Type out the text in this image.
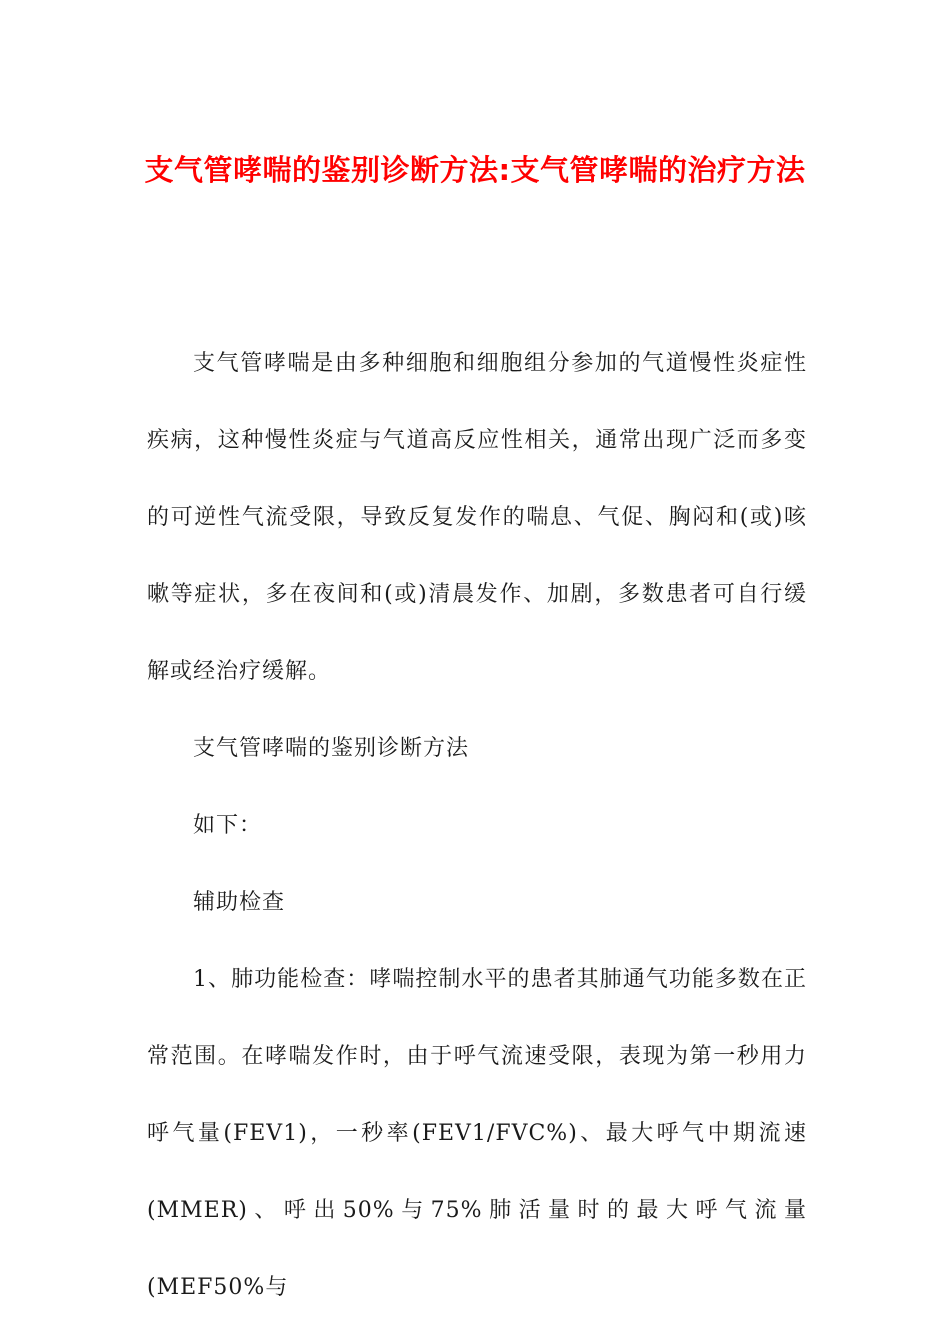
支气管哮喘的鉴别诊断方法:支气管哮喘的治疗方法

支气管哮喘是由多种细胞和细胞组分参加的气道慢性炎症性疾病，这种慢性炎症与气道高反应性相关，通常出现广泛而多变的可逆性气流受限，导致反复发作的喘息、气促、胸闷和(或)咳嗽等症状，多在夜间和(或)清晨发作、加剧，多数患者可自行缓解或经治疗缓解。

支气管哮喘的鉴别诊断方法

如下：

辅助检查

1、肺功能检查：哮喘控制水平的患者其肺通气功能多数在正常范围。在哮喘发作时，由于呼气流速受限，表现为第一秒用力呼气量(FEV1)，一秒率(FEV1/FVC%)、最大呼气中期流速(MMER)、呼出50%与75%肺活量时的最大呼气流量(MEF50%与
